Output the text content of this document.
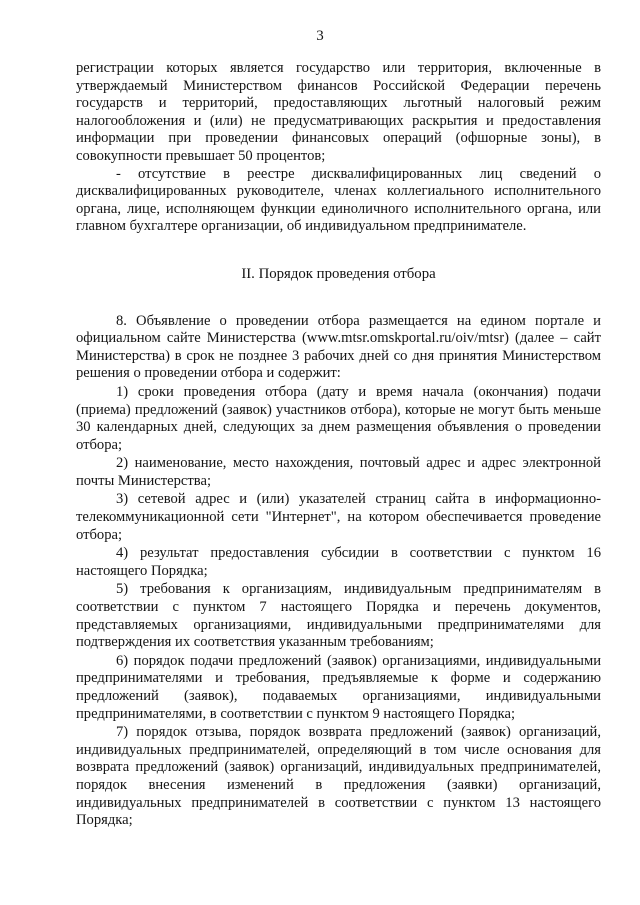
3

регистрации которых является государство или территория, включенные в утверждаемый Министерством финансов Российской Федерации перечень государств и территорий, предоставляющих льготный налоговый режим налогообложения и (или) не предусматривающих раскрытия и предоставления информации при проведении финансовых операций (офшорные зоны), в совокупности превышает 50 процентов;

- отсутствие в реестре дисквалифицированных лиц сведений о дисквалифицированных руководителе, членах коллегиального исполнительного органа, лице, исполняющем функции единоличного исполнительного органа, или главном бухгалтере организации, об индивидуальном предпринимателе.

II. Порядок проведения отбора

8. Объявление о проведении отбора размещается на едином портале и официальном сайте Министерства (www.mtsr.omskportal.ru/oiv/mtsr) (далее – сайт Министерства) в срок не позднее 3 рабочих дней со дня принятия Министерством решения о проведении отбора и содержит:

1) сроки проведения отбора (дату и время начала (окончания) подачи (приема) предложений (заявок) участников отбора), которые не могут быть меньше 30 календарных дней, следующих за днем размещения объявления о проведении отбора;

2) наименование, место нахождения, почтовый адрес и адрес электронной почты Министерства;

3) сетевой адрес и (или) указателей страниц сайта в информационно-телекоммуникационной сети "Интернет", на котором обеспечивается проведение отбора;

4) результат предоставления субсидии в соответствии с пунктом 16 настоящего Порядка;

5) требования к организациям, индивидуальным предпринимателям в соответствии с пунктом 7 настоящего Порядка и перечень документов, представляемых организациями, индивидуальными предпринимателями для подтверждения их соответствия указанным требованиям;

6) порядок подачи предложений (заявок) организациями, индивидуальными предпринимателями и требования, предъявляемые к форме и содержанию предложений (заявок), подаваемых организациями, индивидуальными предпринимателями, в соответствии с пунктом 9 настоящего Порядка;

7) порядок отзыва, порядок возврата предложений (заявок) организаций, индивидуальных предпринимателей, определяющий в том числе основания для возврата предложений (заявок) организаций, индивидуальных предпринимателей, порядок внесения изменений в предложения (заявки) организаций, индивидуальных предпринимателей в соответствии с пунктом 13 настоящего Порядка;
